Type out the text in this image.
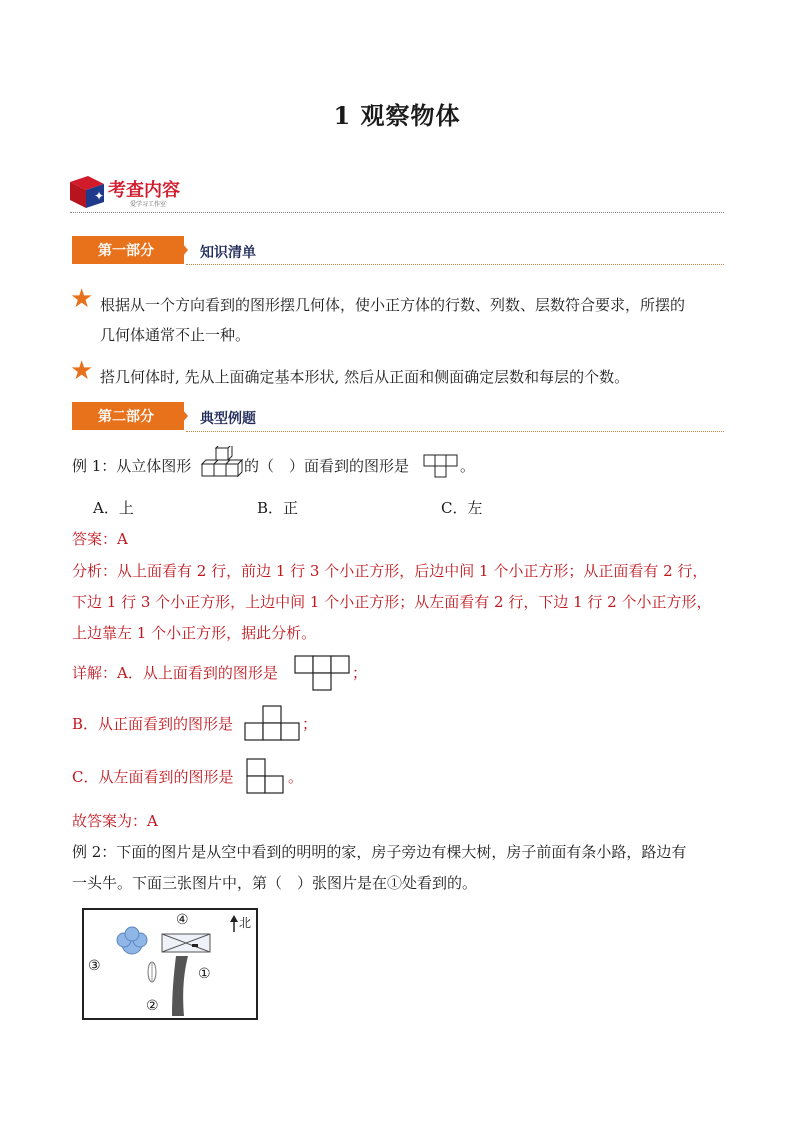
1 观察物体
✦ 考查内容
爱学习工作室
第一部分	知识清单
★ 根据从一个方向看到的图形摆几何体，使小正方体的行数、列数、层数符合要求，所摆的
几何体通常不止一种。
★ 搭几何体时, 先从上面确定基本形状, 然后从正面和侧面确定层数和每层的个数。
第二部分	典型例题
例 1：从立体图形	的（　）面看到的图形是	。
A．上	B．正	C．左
答案：A
分析：从上面看有 2 行，前边 1 行 3 个小正方形，后边中间 1 个小正方形；从正面看有 2 行，
下边 1 行 3 个小正方形，上边中间 1 个小正方形；从左面看有 2 行，下边 1 行 2 个小正方形，
上边靠左 1 个小正方形，据此分析。
详解：A．从上面看到的图形是	；
B．从正面看到的图形是	；
C．从左面看到的图形是	。
故答案为：A
例 2：下面的图片是从空中看到的明明的家，房子旁边有棵大树，房子前面有条小路，路边有
一头牛。下面三张图片中，第（　）张图片是在①处看到的。
④	北
①
③
②
